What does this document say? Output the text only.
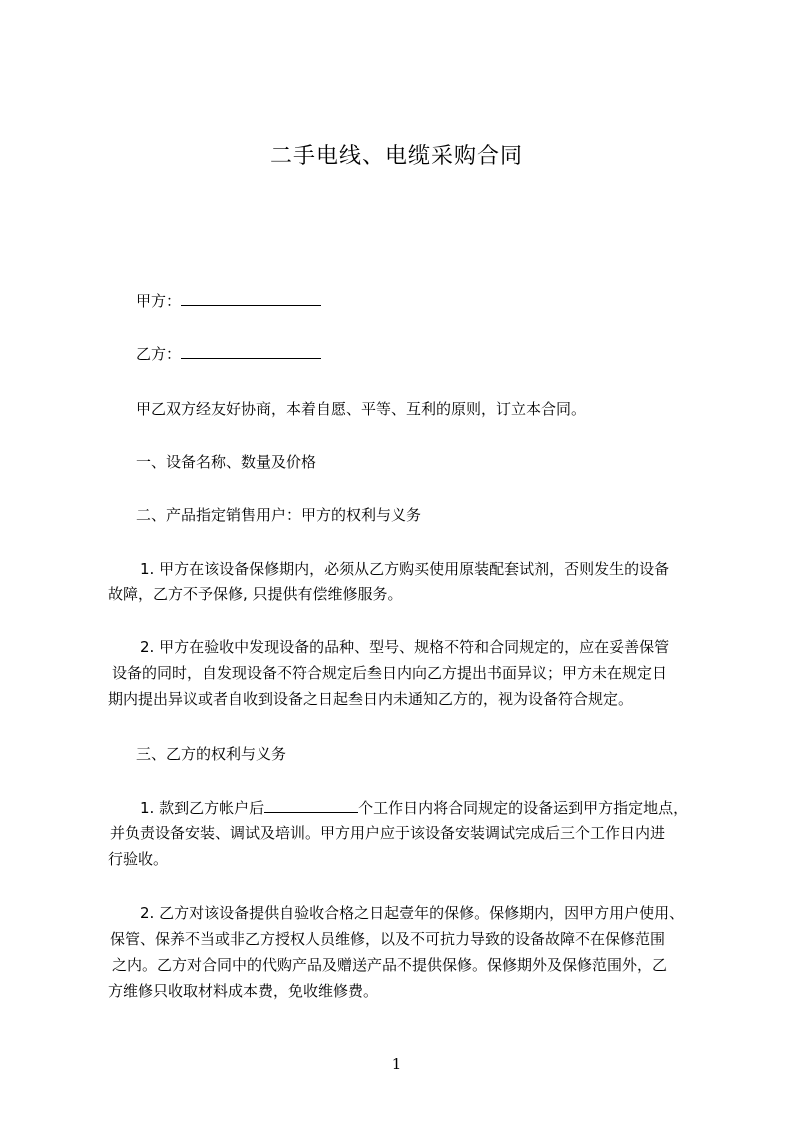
二手电线、电缆采购合同
甲方：
乙方：
甲乙双方经友好协商，本着自愿、平等、互利的原则，订立本合同。
一、设备名称、数量及价格
二、产品指定销售用户：甲方的权利与义务
1. 甲方在该设备保修期内，必须从乙方购买使用原装配套试剂，否则发生的设备
故障，乙方不予保修, 只提供有偿维修服务。
2. 甲方在验收中发现设备的品种、型号、规格不符和合同规定的，应在妥善保管
设备的同时，自发现设备不符合规定后叁日内向乙方提出书面异议；甲方未在规定日
期内提出异议或者自收到设备之日起叁日内未通知乙方的，视为设备符合规定。
三、乙方的权利与义务
1. 款到乙方帐户后	个工作日内将合同规定的设备运到甲方指定地点，
并负责设备安装、调试及培训。甲方用户应于该设备安装调试完成后三个工作日内进
行验收。
2. 乙方对该设备提供自验收合格之日起壹年的保修。保修期内，因甲方用户使用、
保管、保养不当或非乙方授权人员维修，以及不可抗力导致的设备故障不在保修范围
之内。乙方对合同中的代购产品及赠送产品不提供保修。保修期外及保修范围外，乙
方维修只收取材料成本费，免收维修费。
1
